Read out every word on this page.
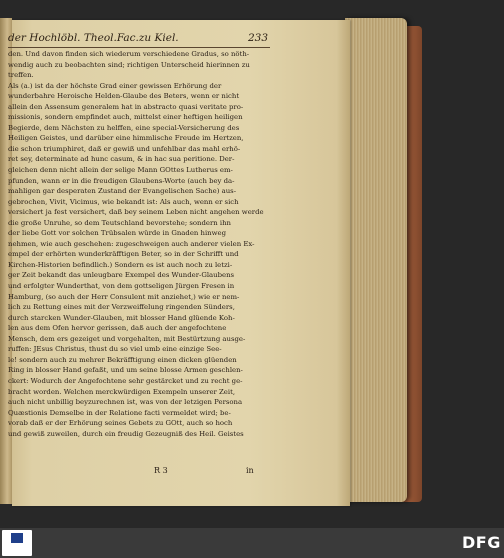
der Hochlöbl. Theol.Fac.zu Kiel.	233
den. Und davon finden sich wiederum verschiedene Gradus, so nöth-
wendig auch zu beobachten sind; richtigen Unterscheid hierinnen zu
treffen.
Als (a.) ist da der höchste Grad einer gewissen Erhörung der
wunderbahre Heroische Helden-Glaube des Beters, wenn er nicht
allein den Assensum generalem hat in abstracto quasi veritate pro-
missionis, sondern empfindet auch, mittelst einer heftigen heiligen
Begierde, dem Nächsten zu helffen, eine special-Versicherung des
Heiligen Geistes, und darüber eine himmlische Freude im Hertzen,
die schon triumphiret, daß er gewiß und unfehlbar das mahl erhö-
ret sey, determinate ad hunc casum, & in hac sua peritione. Der-
gleichen denn nicht allein der selige Mann GOttes Lutherus em-
pfunden, wann er in die freudigen Glaubens-Worte (auch bey da-
mahligen gar desperaten Zustand der Evangelischen Sache) aus-
gebrochen, Vivit, Vicimus, wie bekandt ist: Als auch, wenn er sich
versichert ja fest versichert, daß bey seinem Leben nicht angehen werde
die große Unruhe, so dem Teutschland bevorstehe; sondern ihn
der liebe Gott vor solchen Trübsalen würde in Gnaden hinweg
nehmen, wie auch geschehen: zugeschweigen auch anderer vielen Ex-
empel der erhörten wunderkräfftigen Beter, so in der Schrifft und
Kirchen-Historien befindlich.) Sondern es ist auch noch zu letzi-
ger Zeit bekandt das unleugbare Exempel des Wunder-Glaubens
und erfolgter Wunderthat, von dem gottseligen Jürgen Fresen in
Hamburg, (so auch der Herr Consulent mit anziehet,) wie er nem-
lich zu Rettung eines mit der Verzweiffelung ringenden Sünders,
durch starcken Wunder-Glauben, mit blosser Hand glüende Koh-
len aus dem Ofen hervor gerissen, daß auch der angefochtene
Mensch, dem ers gezeiget und vorgehalten, mit Bestürtzung ausge-
ruffen: JEsus Christus, thust du so viel umb eine einzige See-
le! sondern auch zu mehrer Bekräfftigung einen dicken glüenden
Ring in blosser Hand gefaßt, und um seine blosse Armen geschlen-
ckert: Wodurch der Angefochtene sehr gestärcket und zu recht ge-
bracht worden. Welchen merckwürdigen Exempeln unserer Zeit,
auch nicht unbillig beyzurechnen ist, was von der letzigen Persona
Quæstionis Demselbe in der Relatione facti vermeldet wird; be-
vorab daß er der Erhörung seines Gebets zu GOtt, auch so hoch
und gewiß zuweilen, durch ein freudig Gezeugniß des Heil. Geistes
R 3	in
DFG
